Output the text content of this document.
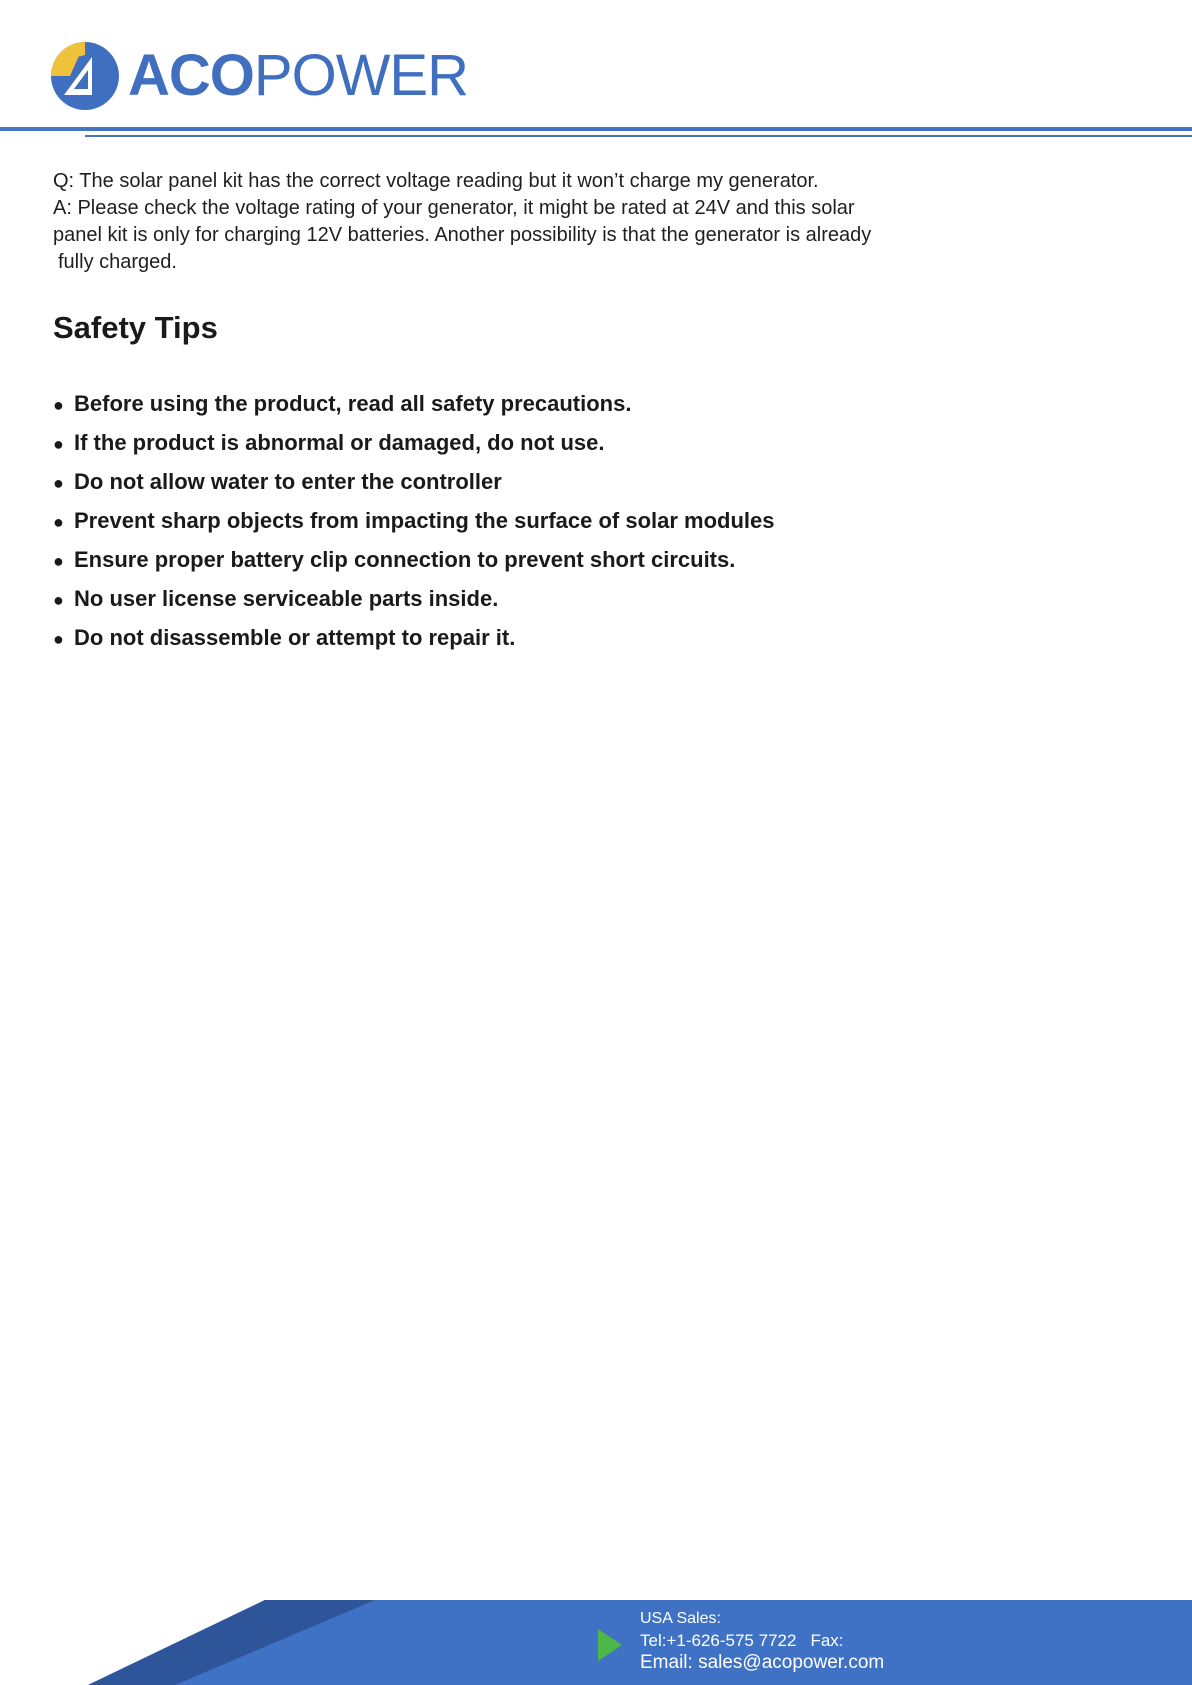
ACOPOWER

Q: The solar panel kit has the correct voltage reading but it won’t charge my generator.

A: Please check the voltage rating of your generator, it might be rated at 24V and this solar

panel kit is only for charging 12V batteries. Another possibility is that the generator is already

fully charged.

Safety Tips
● Before using the product, read all safety precautions.
● If the product is abnormal or damaged, do not use.
● Do not allow water to enter the controller
● Prevent sharp objects from impacting the surface of solar modules
● Ensure proper battery clip connection to prevent short circuits.
● No user license serviceable parts inside.
● Do not disassemble or attempt to repair it.
USA Sales:
Tel:+1-626-575 7722 Fax:
Email: sales@acopower.com
